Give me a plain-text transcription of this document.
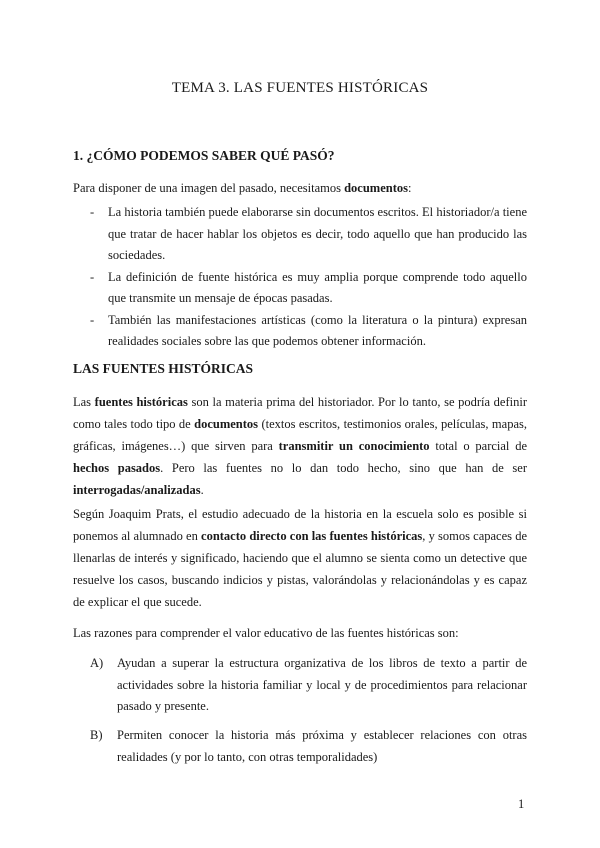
TEMA 3. LAS FUENTES HISTÓRICAS
1. ¿CÓMO PODEMOS SABER QUÉ PASÓ?
Para disponer de una imagen del pasado, necesitamos documentos:
- La historia también puede elaborarse sin documentos escritos. El historiador/a tiene que tratar de hacer hablar los objetos es decir, todo aquello que han producido las sociedades.
- La definición de fuente histórica es muy amplia porque comprende todo aquello que transmite un mensaje de épocas pasadas.
- También las manifestaciones artísticas (como la literatura o la pintura) expresan realidades sociales sobre las que podemos obtener información.
LAS FUENTES HISTÓRICAS
Las fuentes históricas son la materia prima del historiador. Por lo tanto, se podría definir como tales todo tipo de documentos (textos escritos, testimonios orales, películas, mapas, gráficas, imágenes…) que sirven para transmitir un conocimiento total o parcial de hechos pasados. Pero las fuentes no lo dan todo hecho, sino que han de ser interrogadas/analizadas.
Según Joaquim Prats, el estudio adecuado de la historia en la escuela solo es posible si ponemos al alumnado en contacto directo con las fuentes históricas, y somos capaces de llenarlas de interés y significado, haciendo que el alumno se sienta como un detective que resuelve los casos, buscando indicios y pistas, valorándolas y relacionándolas y es capaz de explicar el que sucede.
Las razones para comprender el valor educativo de las fuentes históricas son:
A) Ayudan a superar la estructura organizativa de los libros de texto a partir de actividades sobre la historia familiar y local y de procedimientos para relacionar pasado y presente.
B) Permiten conocer la historia más próxima y establecer relaciones con otras realidades (y por lo tanto, con otras temporalidades)
1
